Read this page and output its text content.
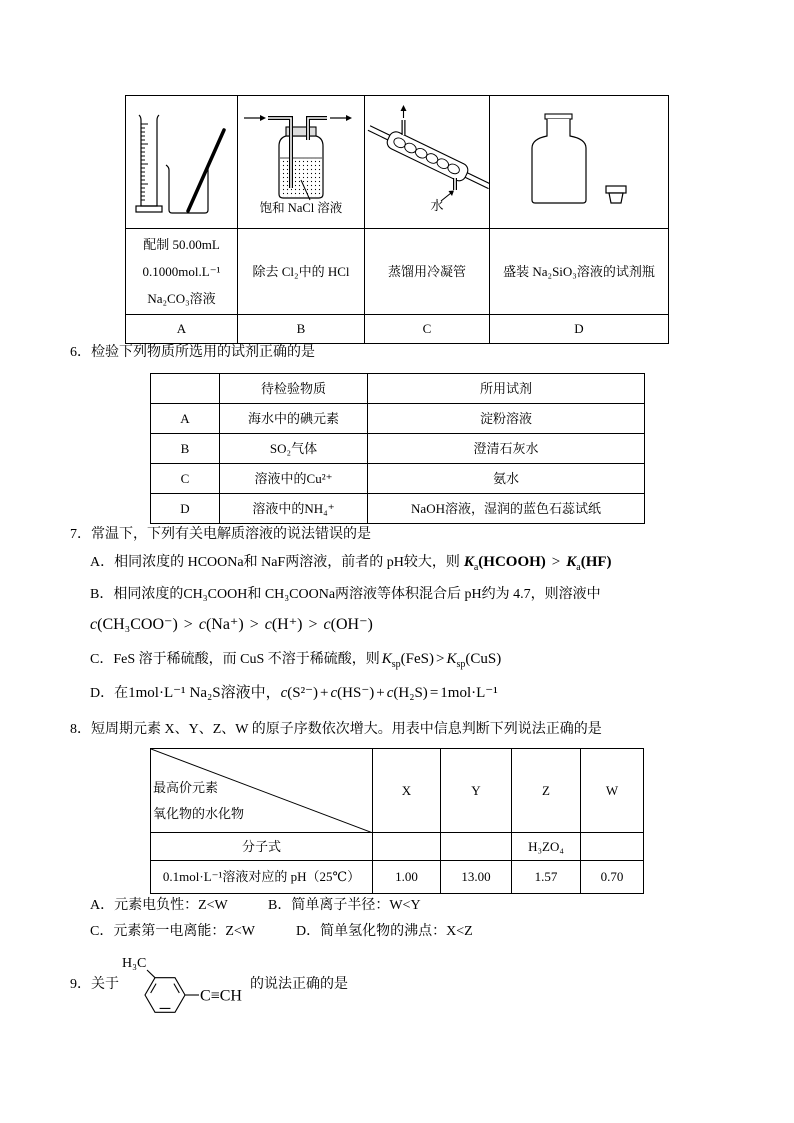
饱和 NaCl 溶液	水

配制 50.00mL
0.1000mol.L⁻¹
Na₂CO₃溶液	除去 Cl₂中的 HCl	蒸馏用冷凝管	盛装 Na₂SiO₃溶液的试剂瓶

A	B	C	D
6．检验下列物质所选用的试剂正确的是
	待检验物质	所用试剂
A	海水中的碘元素	淀粉溶液
B	SO₂气体	澄清石灰水
C	溶液中的Cu²⁺	氨水
D	溶液中的NH₄⁺	NaOH溶液，湿润的蓝色石蕊试纸
7．常温下，下列有关电解质溶液的说法错误的是
A．相同浓度的 HCOONa和 NaF两溶液，前者的 pH较大，则 K a (HCOOH) > K a (HF)
B．相同浓度的CH₃COOH和 CH₃COONa两溶液等体积混合后 pH约为 4.7，则溶液中
c (CH₃COO⁻) > c (Na⁺) > c (H⁺) > c (OH⁻)
C．FeS 溶于稀硫酸，而 CuS 不溶于稀硫酸，则 K sp (FeS) > K sp (CuS)
D．在 1mol·L⁻¹ Na₂S溶液中， c (S²⁻) + c (HS⁻) + c (H₂S) = 1mol·L⁻¹
8．短周期元素 X、Y、Z、W 的原子序数依次增大。用表中信息判断下列说法正确的是
最高价元素
氧化物的水化物	X	Y	Z	W
分子式			H₃ZO₄	
0.1mol·L⁻¹溶液对应的 pH（25℃）	1.00	13.00	1.57	0.70
A．元素电负性：Z<W	B．简单离子半径：W<Y
C．元素第一电离能：Z<W	D．简单氢化物的沸点：X<Z
9．关于
H₃C
C≡CH
的说法正确的是
